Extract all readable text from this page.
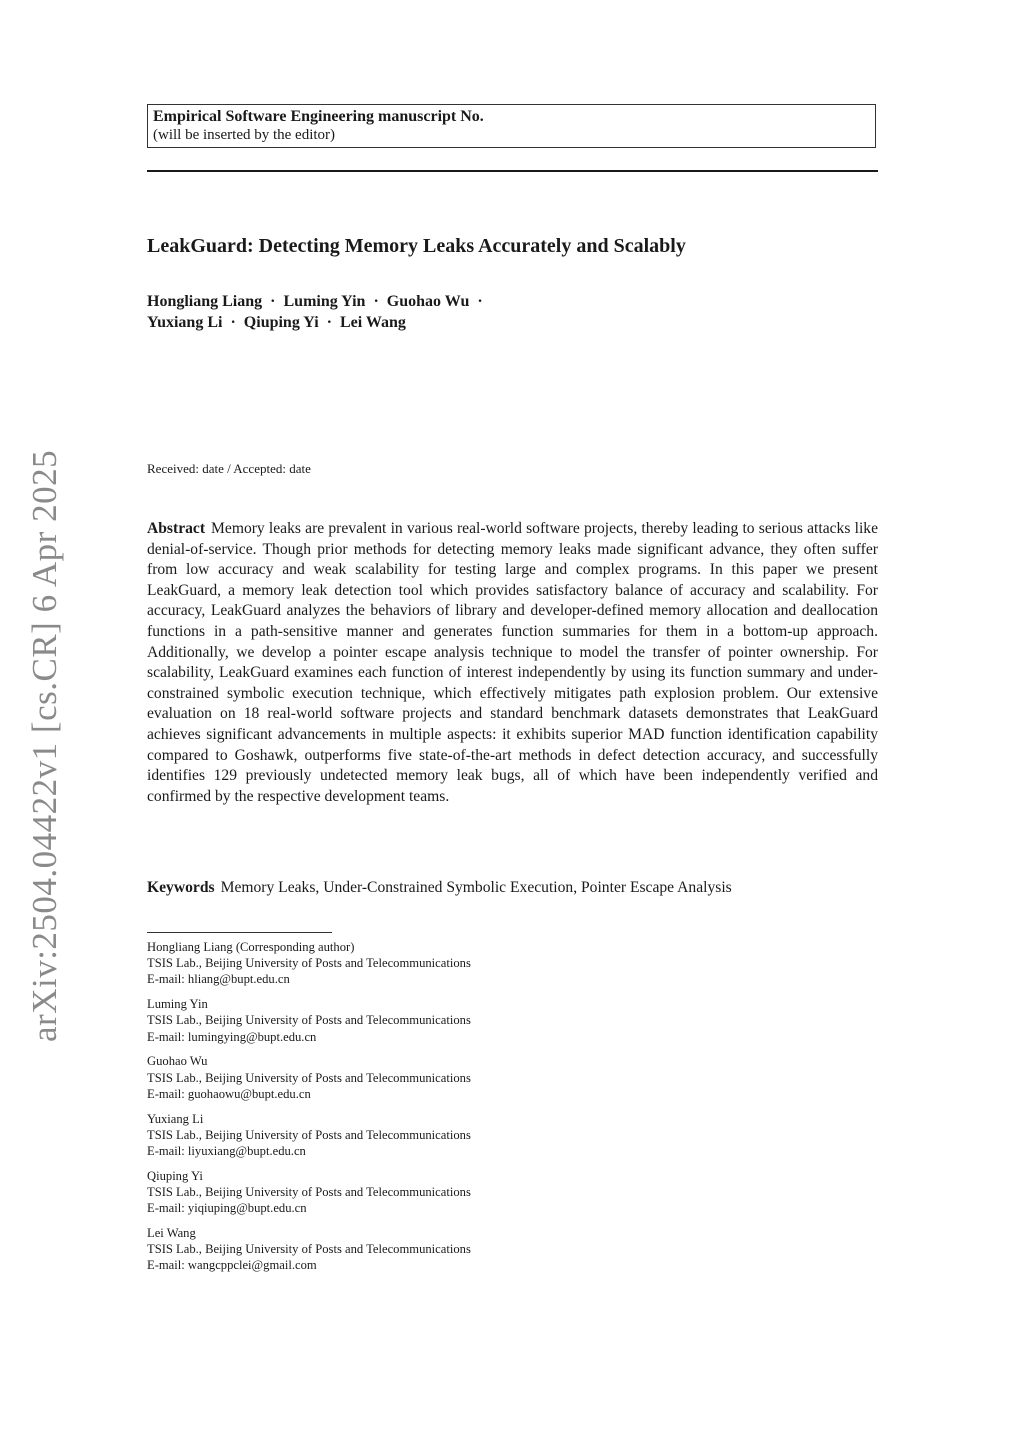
arXiv:2504.04422v1 [cs.CR] 6 Apr 2025
Empirical Software Engineering manuscript No.
(will be inserted by the editor)
LeakGuard: Detecting Memory Leaks Accurately and Scalably
Hongliang Liang · Luming Yin · Guohao Wu ·
Yuxiang Li · Qiuping Yi · Lei Wang
Received: date / Accepted: date

Abstract Memory leaks are prevalent in various real-world software projects, thereby leading to serious attacks like denial-of-service. Though prior methods for detecting memory leaks made significant advance, they often suffer from low accuracy and weak scalability for testing large and complex programs. In this paper we present LeakGuard, a memory leak detection tool which provides satisfactory balance of accuracy and scalability. For accuracy, LeakGuard analyzes the behaviors of library and developer-defined memory allocation and deallocation functions in a path-sensitive manner and generates function summaries for them in a bottom-up approach. Additionally, we develop a pointer escape analysis technique to model the transfer of pointer ownership. For scalability, LeakGuard examines each function of interest independently by using its function summary and under-constrained symbolic execution technique, which effectively mitigates path explosion problem. Our extensive evaluation on 18 real-world software projects and standard benchmark datasets demonstrates that LeakGuard achieves significant advancements in multiple aspects: it exhibits superior MAD function identification capability compared to Goshawk, outperforms five state-of-the-art methods in defect detection accuracy, and successfully identifies 129 previously undetected memory leak bugs, all of which have been independently verified and confirmed by the respective development teams.

Keywords Memory Leaks, Under-Constrained Symbolic Execution, Pointer Escape Analysis
Hongliang Liang (Corresponding author)
TSIS Lab., Beijing University of Posts and Telecommunications
E-mail: hliang@bupt.edu.cn
Luming Yin
TSIS Lab., Beijing University of Posts and Telecommunications
E-mail: lumingying@bupt.edu.cn
Guohao Wu
TSIS Lab., Beijing University of Posts and Telecommunications
E-mail: guohaowu@bupt.edu.cn
Yuxiang Li
TSIS Lab., Beijing University of Posts and Telecommunications
E-mail: liyuxiang@bupt.edu.cn
Qiuping Yi
TSIS Lab., Beijing University of Posts and Telecommunications
E-mail: yiqiuping@bupt.edu.cn
Lei Wang
TSIS Lab., Beijing University of Posts and Telecommunications
E-mail: wangcppclei@gmail.com
